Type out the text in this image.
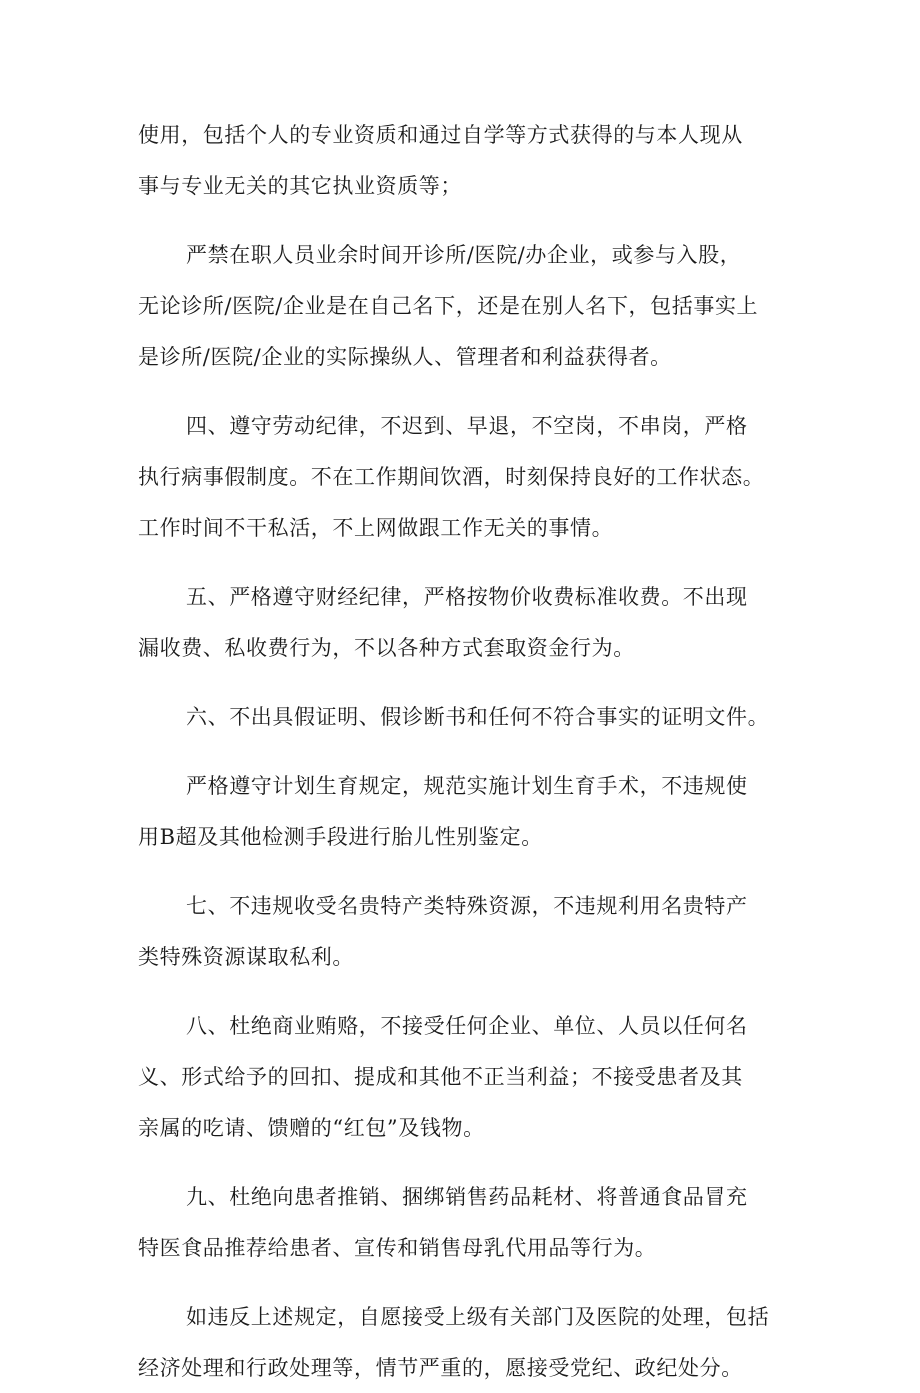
使用，包括个人的专业资质和通过自学等方式获得的与本人现从
事与专业无关的其它执业资质等；
严禁在职人员业余时间开诊所/医院/办企业，或参与入股，
无论诊所/医院/企业是在自己名下，还是在别人名下，包括事实上
是诊所/医院/企业的实际操纵人、管理者和利益获得者。
四、遵守劳动纪律，不迟到、早退，不空岗，不串岗，严格
执行病事假制度。不在工作期间饮酒，时刻保持良好的工作状态。
工作时间不干私活，不上网做跟工作无关的事情。
五、严格遵守财经纪律，严格按物价收费标准收费。不出现
漏收费、私收费行为，不以各种方式套取资金行为。
六、不出具假证明、假诊断书和任何不符合事实的证明文件。
严格遵守计划生育规定，规范实施计划生育手术，不违规使
用B超及其他检测手段进行胎儿性别鉴定。
七、不违规收受名贵特产类特殊资源，不违规利用名贵特产
类特殊资源谋取私利。
八、杜绝商业贿赂，不接受任何企业、单位、人员以任何名
义、形式给予的回扣、提成和其他不正当利益；不接受患者及其
亲属的吃请、馈赠的“红包”及钱物。
九、杜绝向患者推销、捆绑销售药品耗材、将普通食品冒充
特医食品推荐给患者、宣传和销售母乳代用品等行为。
如违反上述规定，自愿接受上级有关部门及医院的处理，包括
经济处理和行政处理等，情节严重的，愿接受党纪、政纪处分。
